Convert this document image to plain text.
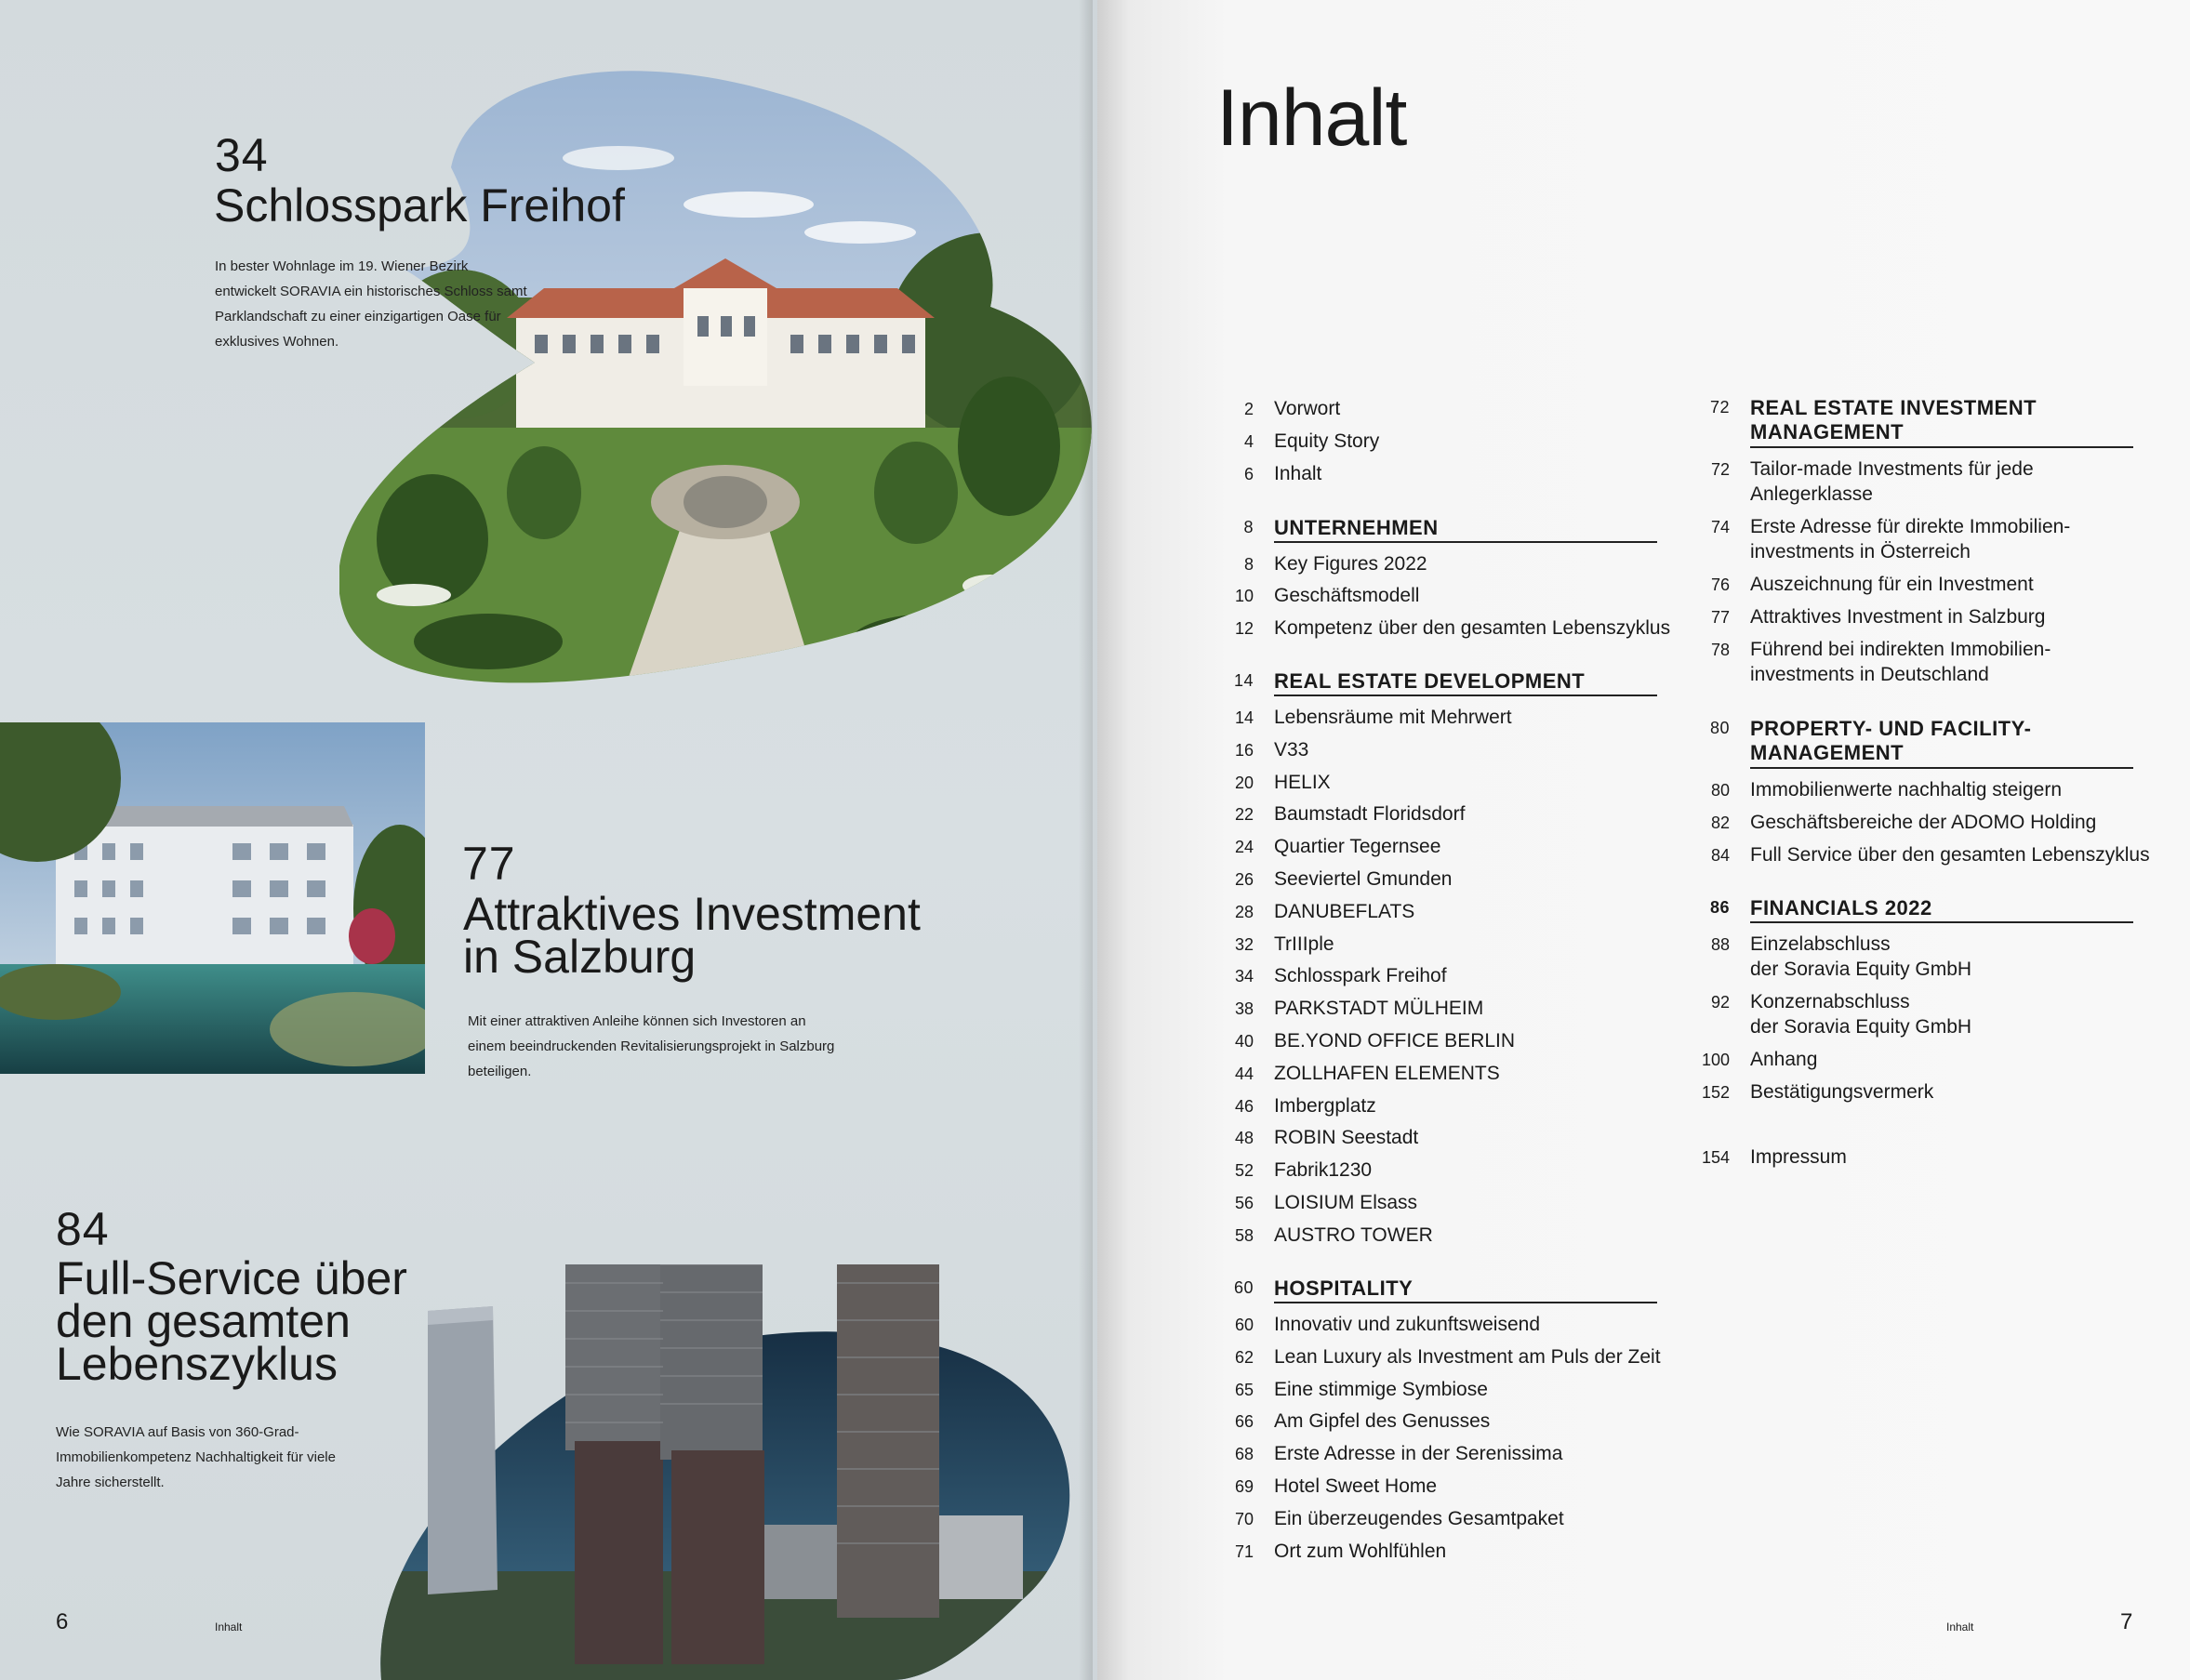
34
Schlosspark Freihof
In bester Wohnlage im 19. Wiener Bezirk entwickelt SORAVIA ein historisches Schloss samt Parklandschaft zu einer einzigartigen Oase für exklusives Wohnen.
77
Attraktives Investment
in Salzburg
Mit einer attraktiven Anleihe können sich Investoren an einem beeindruckenden Revitalisierungsprojekt in Salzburg beteiligen.
84
Full-Service über
den gesamten
Lebenszyklus
Wie SORAVIA auf Basis von 360-Grad-Immobilienkompetenz Nachhaltigkeit für viele Jahre sicherstellt.
6	Inhalt
Inhalt
2 Vorwort
4 Equity Story
6 Inhalt
8 UNTERNEHMEN
8 Key Figures 2022
10 Geschäftsmodell
12 Kompetenz über den gesamten Lebenszyklus
14 REAL ESTATE DEVELOPMENT
14 Lebensräume mit Mehrwert
16 V33
20 HELIX
22 Baumstadt Floridsdorf
24 Quartier Tegernsee
26 Seeviertel Gmunden
28 DANUBEFLATS
32 TrIIIple
34 Schlosspark Freihof
38 PARKSTADT MÜLHEIM
40 BE.YOND OFFICE BERLIN
44 ZOLLHAFEN ELEMENTS
46 Imbergplatz
48 ROBIN Seestadt
52 Fabrik1230
56 LOISIUM Elsass
58 AUSTRO TOWER
60 HOSPITALITY
60 Innovativ und zukunftsweisend
62 Lean Luxury als Investment am Puls der Zeit
65 Eine stimmige Symbiose
66 Am Gipfel des Genusses
68 Erste Adresse in der Serenissima
69 Hotel Sweet Home
70 Ein überzeugendes Gesamtpaket
71 Ort zum Wohlfühlen
72 REAL ESTATE INVESTMENT
MANAGEMENT
72 Tailor-made Investments für jede
Anlegerklasse
74 Erste Adresse für direkte Immobilien-
investments in Österreich
76 Auszeichnung für ein Investment
77 Attraktives Investment in Salzburg
78 Führend bei indirekten Immobilien-
investments in Deutschland
80 PROPERTY- UND FACILITY-
MANAGEMENT
80 Immobilienwerte nachhaltig steigern
82 Geschäftsbereiche der ADOMO Holding
84 Full Service über den gesamten Lebenszyklus
86 FINANCIALS 2022
88 Einzelabschluss
der Soravia Equity GmbH
92 Konzernabschluss
der Soravia Equity GmbH
100 Anhang
152 Bestätigungsvermerk
154 Impressum
Inhalt	7
